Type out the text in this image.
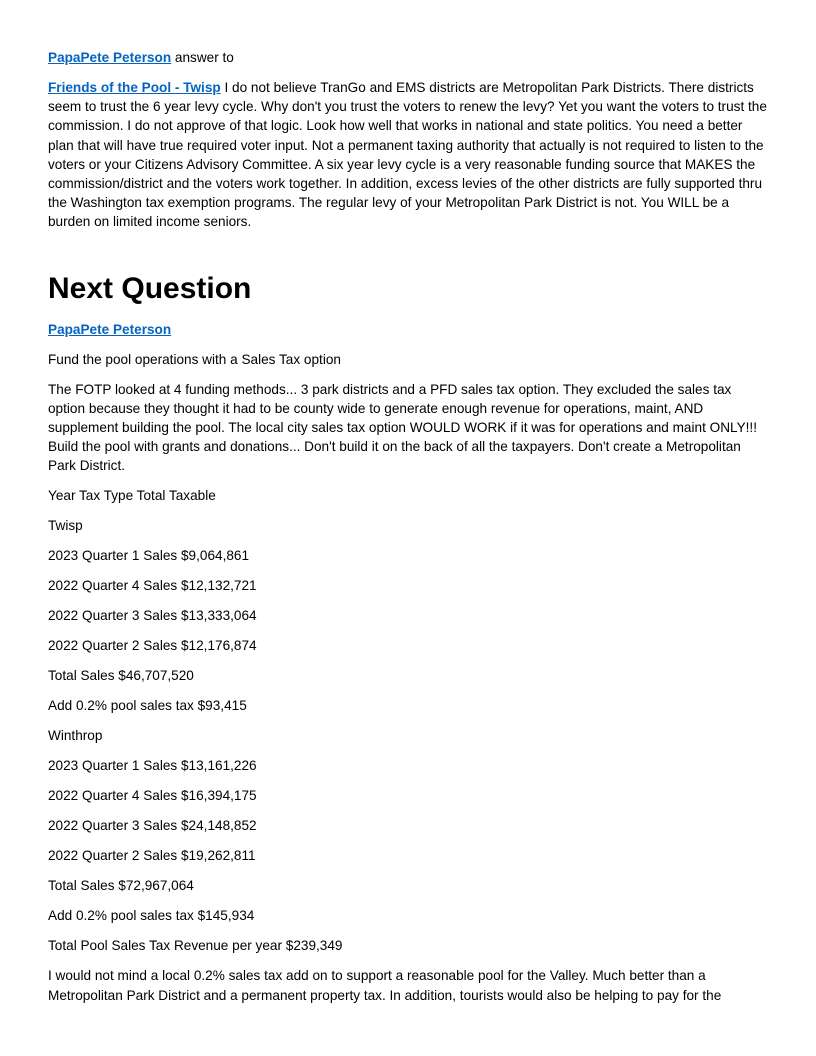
PapaPete Peterson answer to

Friends of the Pool - Twisp I do not believe TranGo and EMS districts are Metropolitan Park Districts. There districts seem to trust the 6 year levy cycle. Why don't you trust the voters to renew the levy? Yet you want the voters to trust the commission. I do not approve of that logic. Look how well that works in national and state politics. You need a better plan that will have true required voter input. Not a permanent taxing authority that actually is not required to listen to the voters or your Citizens Advisory Committee. A six year levy cycle is a very reasonable funding source that MAKES the commission/district and the voters work together. In addition, excess levies of the other districts are fully supported thru the Washington tax exemption programs. The regular levy of your Metropolitan Park District is not. You WILL be a burden on limited income seniors.

Next Question

PapaPete Peterson

Fund the pool operations with a Sales Tax option

The FOTP looked at 4 funding methods... 3 park districts and a PFD sales tax option. They excluded the sales tax option because they thought it had to be county wide to generate enough revenue for operations, maint, AND supplement building the pool. The local city sales tax option WOULD WORK if it was for operations and maint ONLY!!! Build the pool with grants and donations... Don't build it on the back of all the taxpayers. Don't create a Metropolitan Park District.

Year Tax Type Total Taxable

Twisp

2023 Quarter 1 Sales $9,064,861

2022 Quarter 4 Sales $12,132,721

2022 Quarter 3 Sales $13,333,064

2022 Quarter 2 Sales $12,176,874

Total Sales $46,707,520

Add 0.2% pool sales tax $93,415

Winthrop

2023 Quarter 1 Sales $13,161,226

2022 Quarter 4 Sales $16,394,175

2022 Quarter 3 Sales $24,148,852

2022 Quarter 2 Sales $19,262,811

Total Sales $72,967,064

Add 0.2% pool sales tax $145,934

Total Pool Sales Tax Revenue per year $239,349

I would not mind a local 0.2% sales tax add on to support a reasonable pool for the Valley. Much better than a Metropolitan Park District and a permanent property tax. In addition, tourists would also be helping to pay for the
